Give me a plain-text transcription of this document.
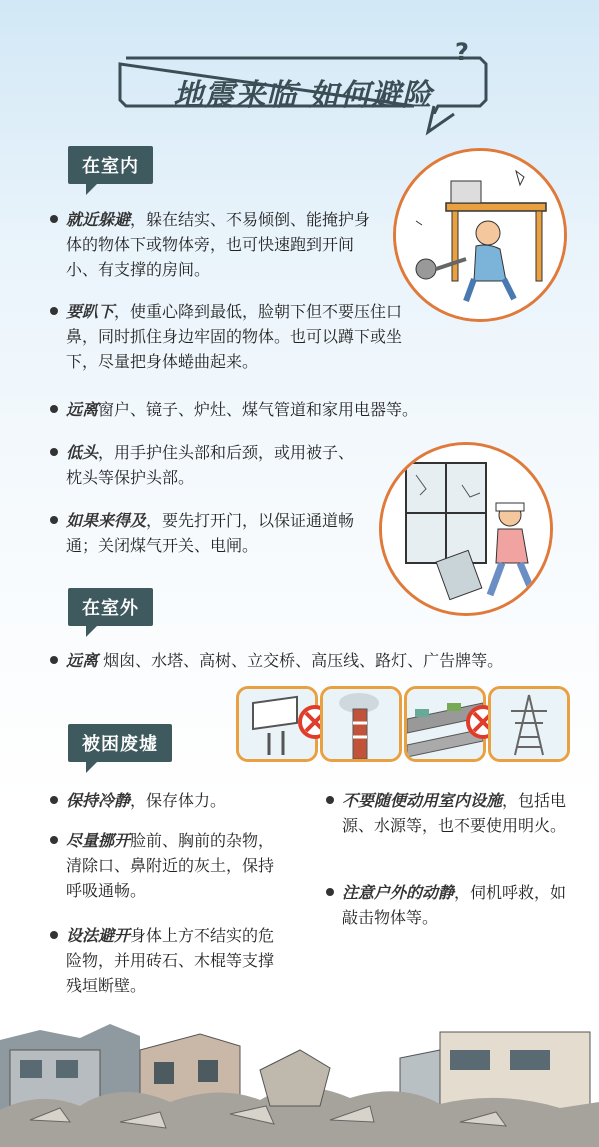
地震来临 如何避险
?
在室内
就近躲避，躲在结实、不易倾倒、能掩护身体的物体下或物体旁，也可快速跑到开间小、有支撑的房间。
要趴下，使重心降到最低，脸朝下但不要压住口鼻，同时抓住身边牢固的物体。也可以蹲下或坐下，尽量把身体蜷曲起来。
远离窗户、镜子、炉灶、煤气管道和家用电器等。
低头，用手护住头部和后颈，或用被子、枕头等保护头部。
如果来得及，要先打开门，以保证通道畅通；关闭煤气开关、电闸。
在室外
远离 烟囱、水塔、高树、立交桥、高压线、路灯、广告牌等。
被困废墟
保持冷静，保存体力。
尽量挪开脸前、胸前的杂物，清除口、鼻附近的灰土，保持呼吸通畅。
设法避开身体上方不结实的危险物，并用砖石、木棍等支撑残垣断壁。
不要随便动用室内设施，包括电源、水源等，也不要使用明火。
注意户外的动静，伺机呼救，如敲击物体等。
